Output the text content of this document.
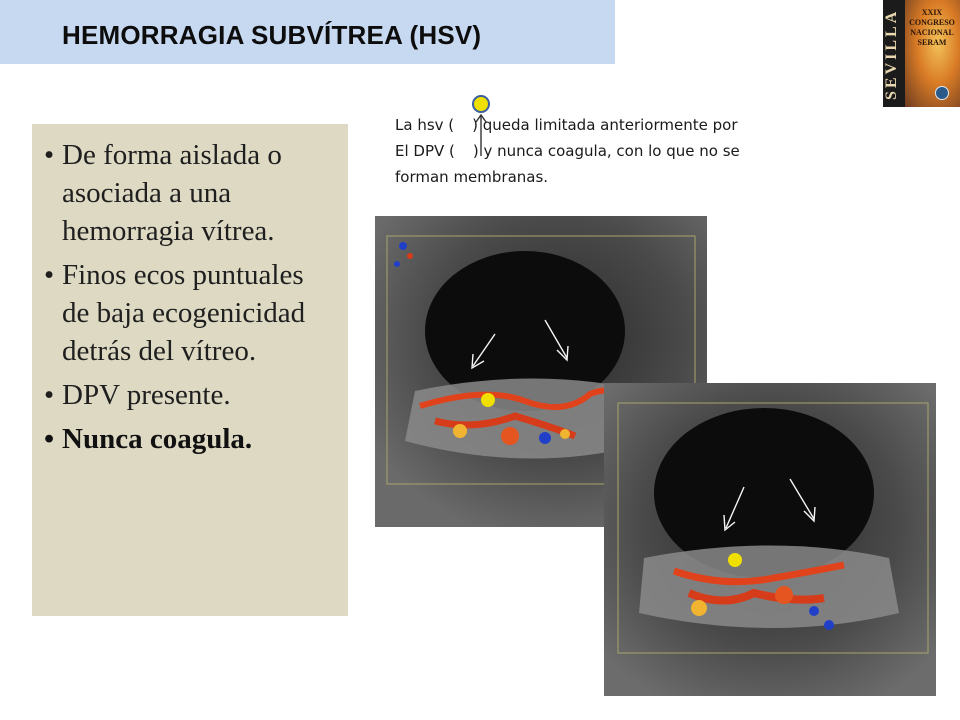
HEMORRAGIA SUBVÍTREA (HSV)	SEVILLA	XXIX
CONGRESO
NACIONAL
SERAM
• De forma aislada o asociada a una hemorragia vítrea.
• Finos ecos puntuales de baja ecogenicidad detrás del vítreo.
• DPV presente.
• Nunca coagula.
La hsv ( ) queda limitada anteriormente por
El DPV ( ) y nunca coagula, con lo que no se
forman membranas.
